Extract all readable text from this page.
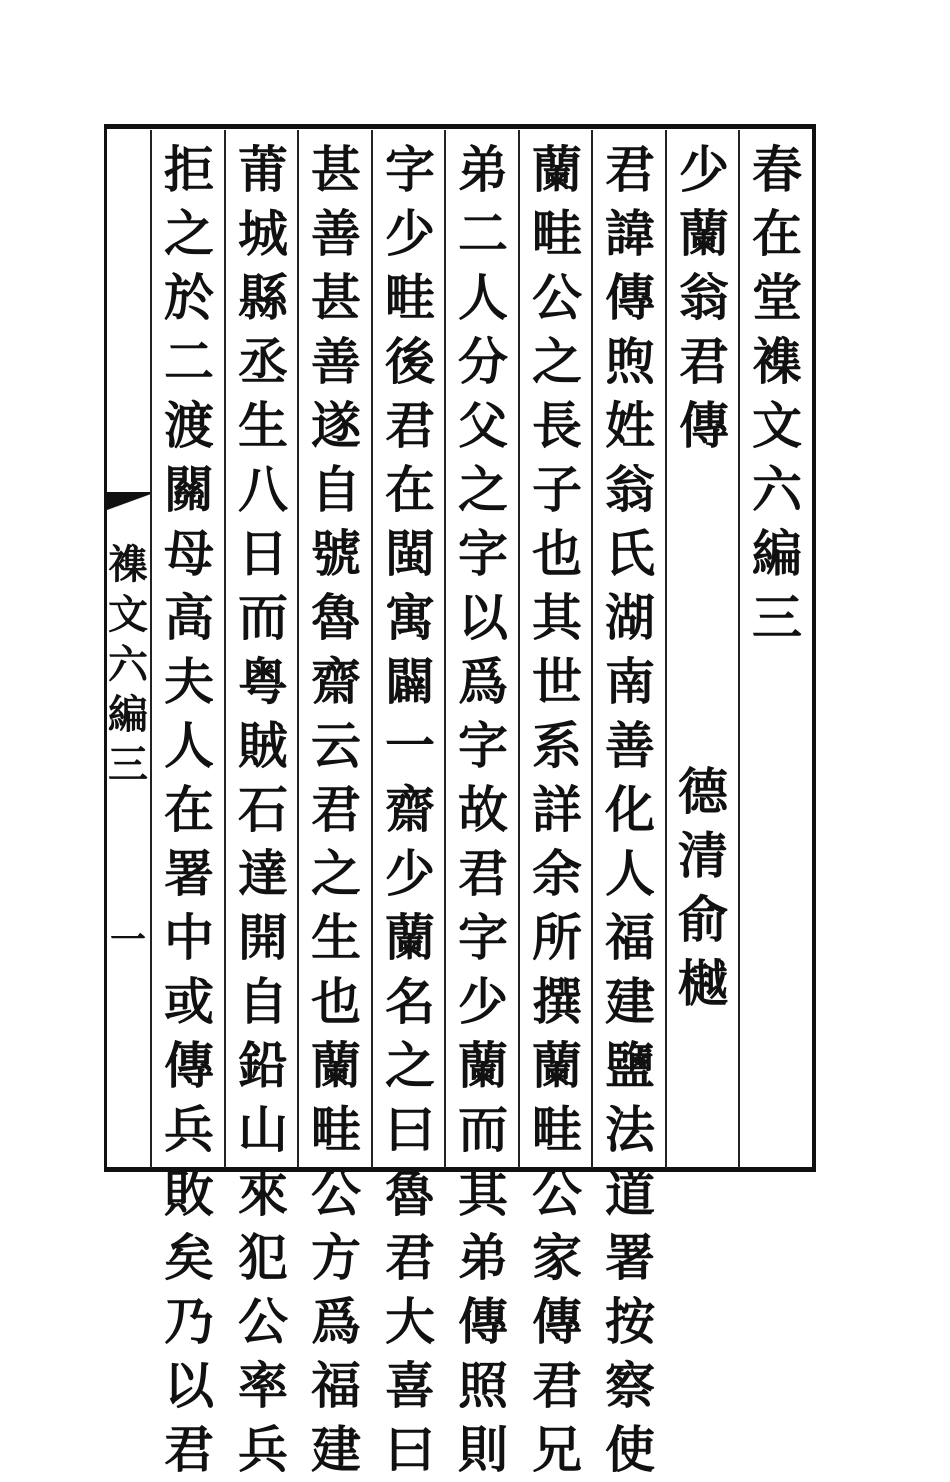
襍
文
六
編
三
一
春
在
堂
襍
文
六
編
三
少
蘭
翁
君
傳
君
諱
傳
煦
姓
翁
氏
湖
南
善
化
人
福
建
鹽
法
道
署
按
察
使
蘭
畦
公
之
長
子
也
其
世
系
詳
余
所
撰
蘭
畦
公
家
傳
君
兄
弟
二
人
分
父
之
字
以
爲
字
故
君
字
少
蘭
而
其
弟
傳
照
則
字
少
畦
後
君
在
閩
寓
闢
一
齋
少
蘭
名
之
曰
魯
君
大
喜
曰
甚
善
甚
善
遂
自
號
魯
齋
云
君
之
生
也
蘭
畦
公
方
爲
福
建
莆
城
縣
丞
生
八
日
而
粤
賊
石
達
開
自
鉛
山
來
犯
公
率
兵
拒
之
於
二
渡
關
母
高
夫
人
在
署
中
或
傳
兵
敗
矣
乃
以
君
德
清
俞
樾
